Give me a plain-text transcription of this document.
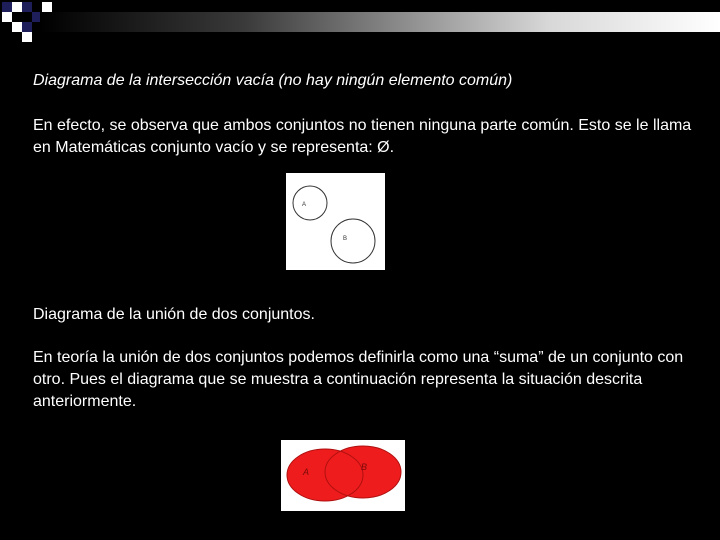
Diagrama de la intersección vacía (no hay ningún elemento común)

En efecto, se observa que ambos conjuntos no tienen ninguna parte común. Esto se le llama en Matemáticas conjunto vacío y se representa: Ø.

A
B

Diagrama de la unión de dos conjuntos.

En teoría la unión de dos conjuntos podemos definirla como una “suma” de un conjunto con otro. Pues el diagrama que se muestra a continuación representa la situación descrita anteriormente.

A	B
